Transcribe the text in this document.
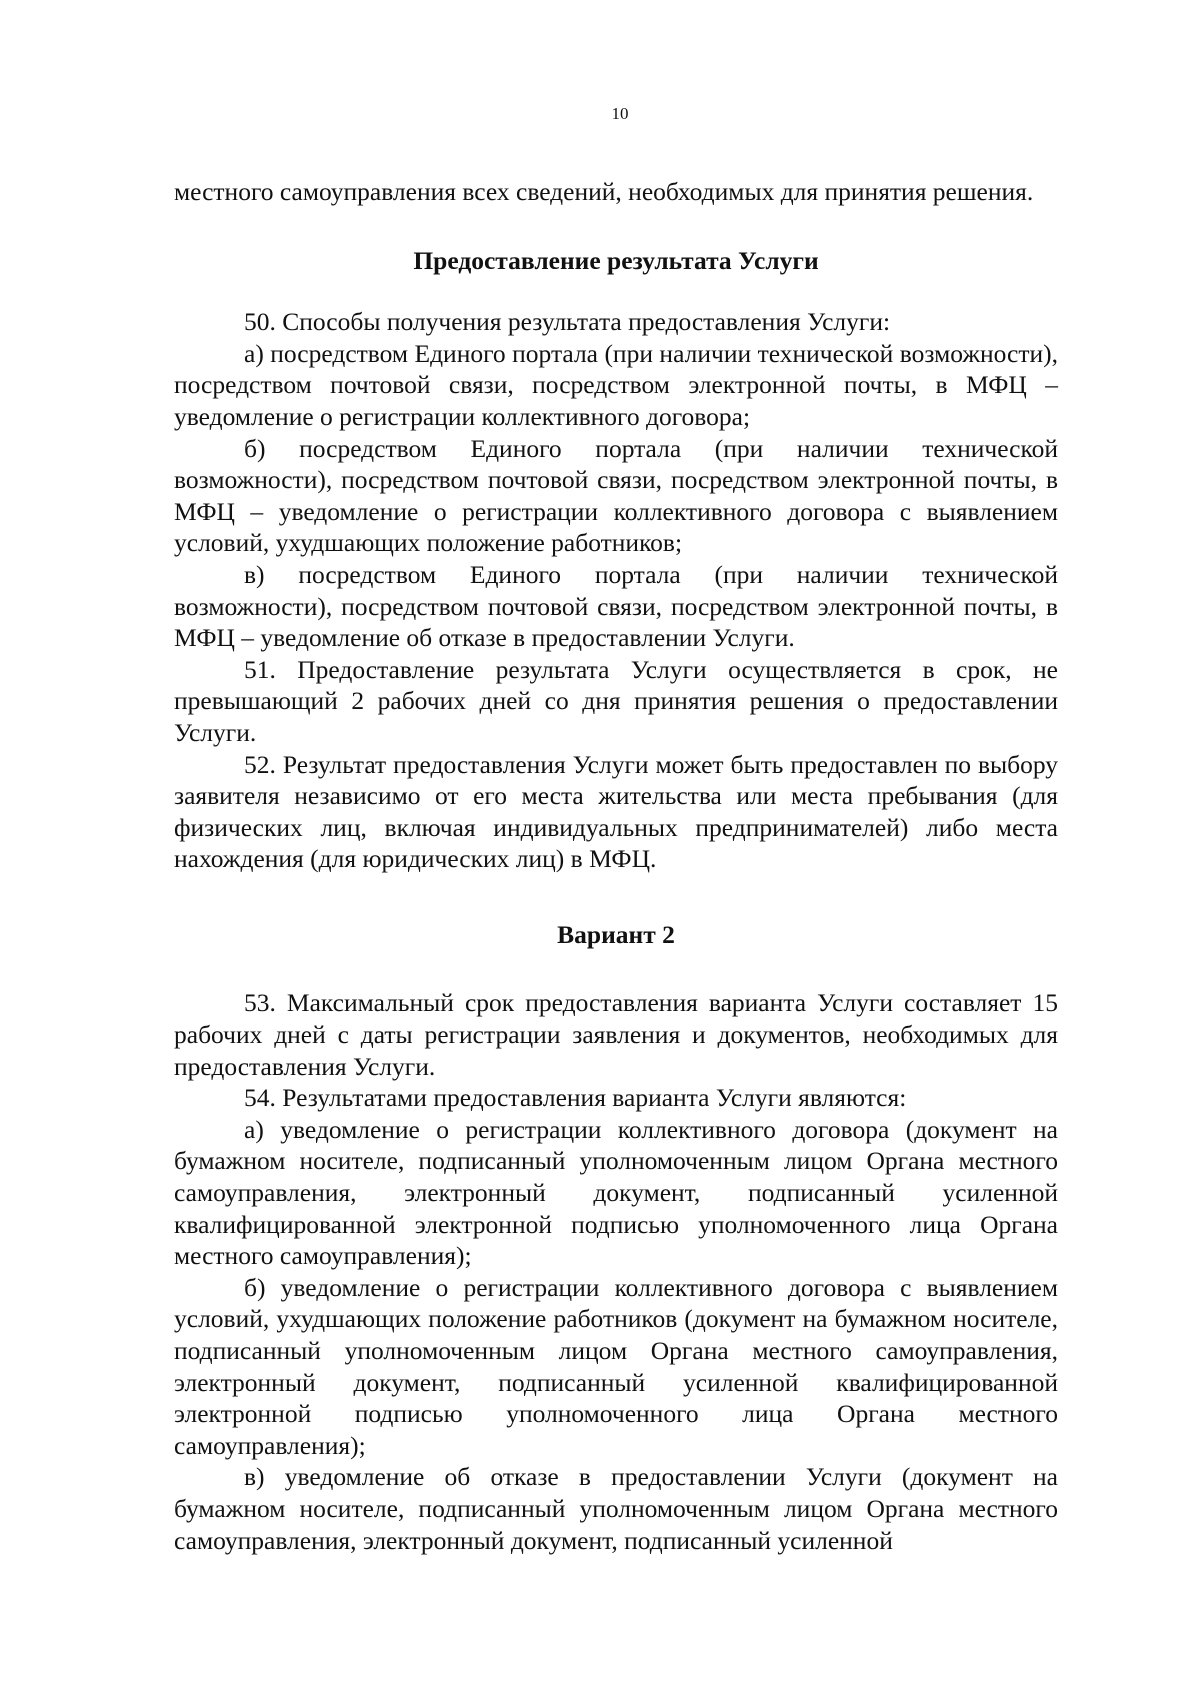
10

местного самоуправления всех сведений, необходимых для принятия решения.

Предоставление результата Услуги

50. Способы получения результата предоставления Услуги:

а) посредством Единого портала (при наличии технической возможности), посредством почтовой связи, посредством электронной почты, в МФЦ – уведомление о регистрации коллективного договора;

б) посредством Единого портала (при наличии технической возможности), посредством почтовой связи, посредством электронной почты, в МФЦ – уведомление о регистрации коллективного договора с выявлением условий, ухудшающих положение работников;

в) посредством Единого портала (при наличии технической возможности), посредством почтовой связи, посредством электронной почты, в МФЦ – уведомление об отказе в предоставлении Услуги.

51. Предоставление результата Услуги осуществляется в срок, не превышающий 2 рабочих дней со дня принятия решения о предоставлении Услуги.

52. Результат предоставления Услуги может быть предоставлен по выбору заявителя независимо от его места жительства или места пребывания (для физических лиц, включая индивидуальных предпринимателей) либо места нахождения (для юридических лиц) в МФЦ.

Вариант 2

53. Максимальный срок предоставления варианта Услуги составляет 15 рабочих дней с даты регистрации заявления и документов, необходимых для предоставления Услуги.

54. Результатами предоставления варианта Услуги являются:

а) уведомление о регистрации коллективного договора (документ на бумажном носителе, подписанный уполномоченным лицом Органа местного самоуправления, электронный документ, подписанный усиленной квалифицированной электронной подписью уполномоченного лица Органа местного самоуправления);

б) уведомление о регистрации коллективного договора с выявлением условий, ухудшающих положение работников (документ на бумажном носителе, подписанный уполномоченным лицом Органа местного самоуправления, электронный документ, подписанный усиленной квалифицированной электронной подписью уполномоченного лица Органа местного самоуправления);

в) уведомление об отказе в предоставлении Услуги (документ на бумажном носителе, подписанный уполномоченным лицом Органа местного самоуправления, электронный документ, подписанный усиленной
